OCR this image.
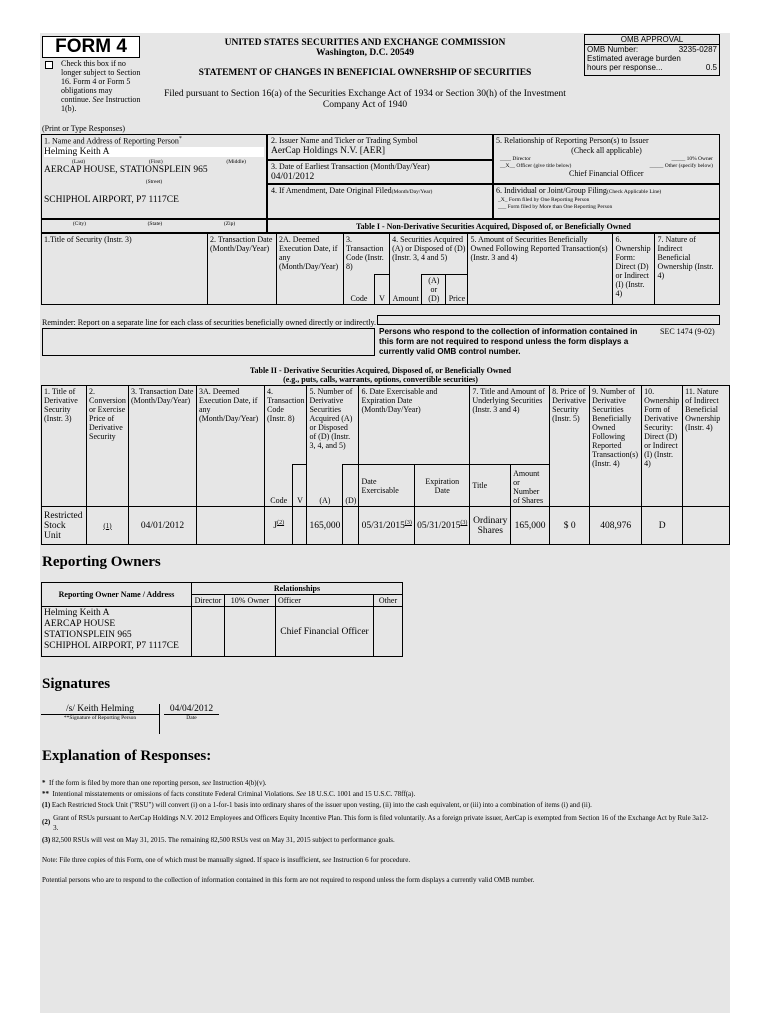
FORM 4
Check this box if no longer subject to Section 16. Form 4 or Form 5 obligations may continue. See Instruction 1(b).
UNITED STATES SECURITIES AND EXCHANGE COMMISSION
Washington, D.C. 20549
STATEMENT OF CHANGES IN BENEFICIAL OWNERSHIP OF SECURITIES
Filed pursuant to Section 16(a) of the Securities Exchange Act of 1934 or Section 30(h) of the Investment Company Act of 1940
OMB APPROVAL
OMB Number:	3235-0287
Estimated average burden
hours per response...	0.5
(Print or Type Responses)
1. Name and Address of Reporting Person*
Helming Keith A
(Last)	(First)	(Middle)
AERCAP HOUSE, STATIONSPLEIN 965
(Street)
SCHIPHOL AIRPORT, P7 1117CE
(City)	(State)	(Zip)
2. Issuer Name and Ticker or Trading Symbol
AerCap Holdings N.V. [AER]
3. Date of Earliest Transaction (Month/Day/Year)
04/01/2012
4. If Amendment, Date Original Filed(Month/Day/Year)
5. Relationship of Reporting Person(s) to Issuer
(Check all applicable)
____ Director	_____ 10% Owner
__X__ Officer (give title below)	_____ Other (specify below)
Chief Financial Officer
6. Individual or Joint/Group Filing(Check Applicable Line)
_X_ Form filed by One Reporting Person
___ Form filed by More than One Reporting Person
Table I - Non-Derivative Securities Acquired, Disposed of, or Beneficially Owned
1.Title of Security (Instr. 3)	2. Transaction Date (Month/Day/Year)	2A. Deemed Execution Date, if any (Month/Day/Year)	3. Transaction Code (Instr. 8)		4. Securities Acquired (A) or Disposed of (D) (Instr. 3, 4 and 5)			5. Amount of Securities Beneficially Owned Following Reported Transaction(s) (Instr. 3 and 4)	6. Ownership Form: Direct (D) or Indirect (I) (Instr. 4)	7. Nature of Indirect Beneficial Ownership (Instr. 4)
			Code	V	Amount	(A) or (D)	Price			
Reminder: Report on a separate line for each class of securities beneficially owned directly or indirectly.
Persons who respond to the collection of information contained in this form are not required to respond unless the form displays a currently valid OMB control number.
SEC 1474 (9-02)
Table II - Derivative Securities Acquired, Disposed of, or Beneficially Owned
(e.g., puts, calls, warrants, options, convertible securities)
1. Title of Derivative Security (Instr. 3)	2. Conversion or Exercise Price of Derivative Security	3. Transaction Date (Month/Day/Year)	3A. Deemed Execution Date, if any (Month/Day/Year)	4. Transaction Code (Instr. 8)		5. Number of Derivative Securities Acquired (A) or Disposed of (D) (Instr. 3, 4, and 5)		6. Date Exercisable and Expiration Date (Month/Day/Year)		7. Title and Amount of Underlying Securities (Instr. 3 and 4)		8. Price of Derivative Security (Instr. 5)	9. Number of Derivative Securities Beneficially Owned Following Reported Transaction(s) (Instr. 4)	10. Ownership Form of Derivative Security: Direct (D) or Indirect (I) (Instr. 4)	11. Nature of Indirect Beneficial Ownership (Instr. 4)
				Code	V	(A)	(D)	Date Exercisable	Expiration Date	Title	Amount or Number of Shares				
Restricted Stock Unit	(1)	04/01/2012		$J^{(2)}$		165,000		05/31/2015$^{(3)}$	05/31/2015$^{(3)}$	Ordinary Shares	165,000	$ 0	408,976	D	
Reporting Owners
Reporting Owner Name / Address	Relationships			
	Director	10% Owner	Officer	Other

Helming Keith A
AERCAP HOUSE
STATIONSPLEIN 965
SCHIPHOL AIRPORT, P7 1117CE			Chief Financial Officer	
Signatures
/s/ Keith Helming
**Signature of Reporting Person
04/04/2012
Date
Explanation of Responses:
* If the form is filed by more than one reporting person, see Instruction 4(b)(v).
** Intentional misstatements or omissions of facts constitute Federal Criminal Violations. See 18 U.S.C. 1001 and 15 U.S.C. 78ff(a).
(1) Each Restricted Stock Unit ("RSU") will convert (i) on a 1-for-1 basis into ordinary shares of the issuer upon vesting, (ii) into the cash equivalent, or (iii) into a combination of items (i) and (ii).
(2) Grant of RSUs pursuant to AerCap Holdings N.V. 2012 Employees and Officers Equity Incentive Plan. This form is filed voluntarily. As a foreign private issuer, AerCap is exempted from Section 16 of the Exchange Act by Rule 3a12-3.
(3) 82,500 RSUs will vest on May 31, 2015. The remaining 82,500 RSUs vest on May 31, 2015 subject to performance goals.
Note: File three copies of this Form, one of which must be manually signed. If space is insufficient, see Instruction 6 for procedure.
Potential persons who are to respond to the collection of information contained in this form are not required to respond unless the form displays a currently valid OMB number.
